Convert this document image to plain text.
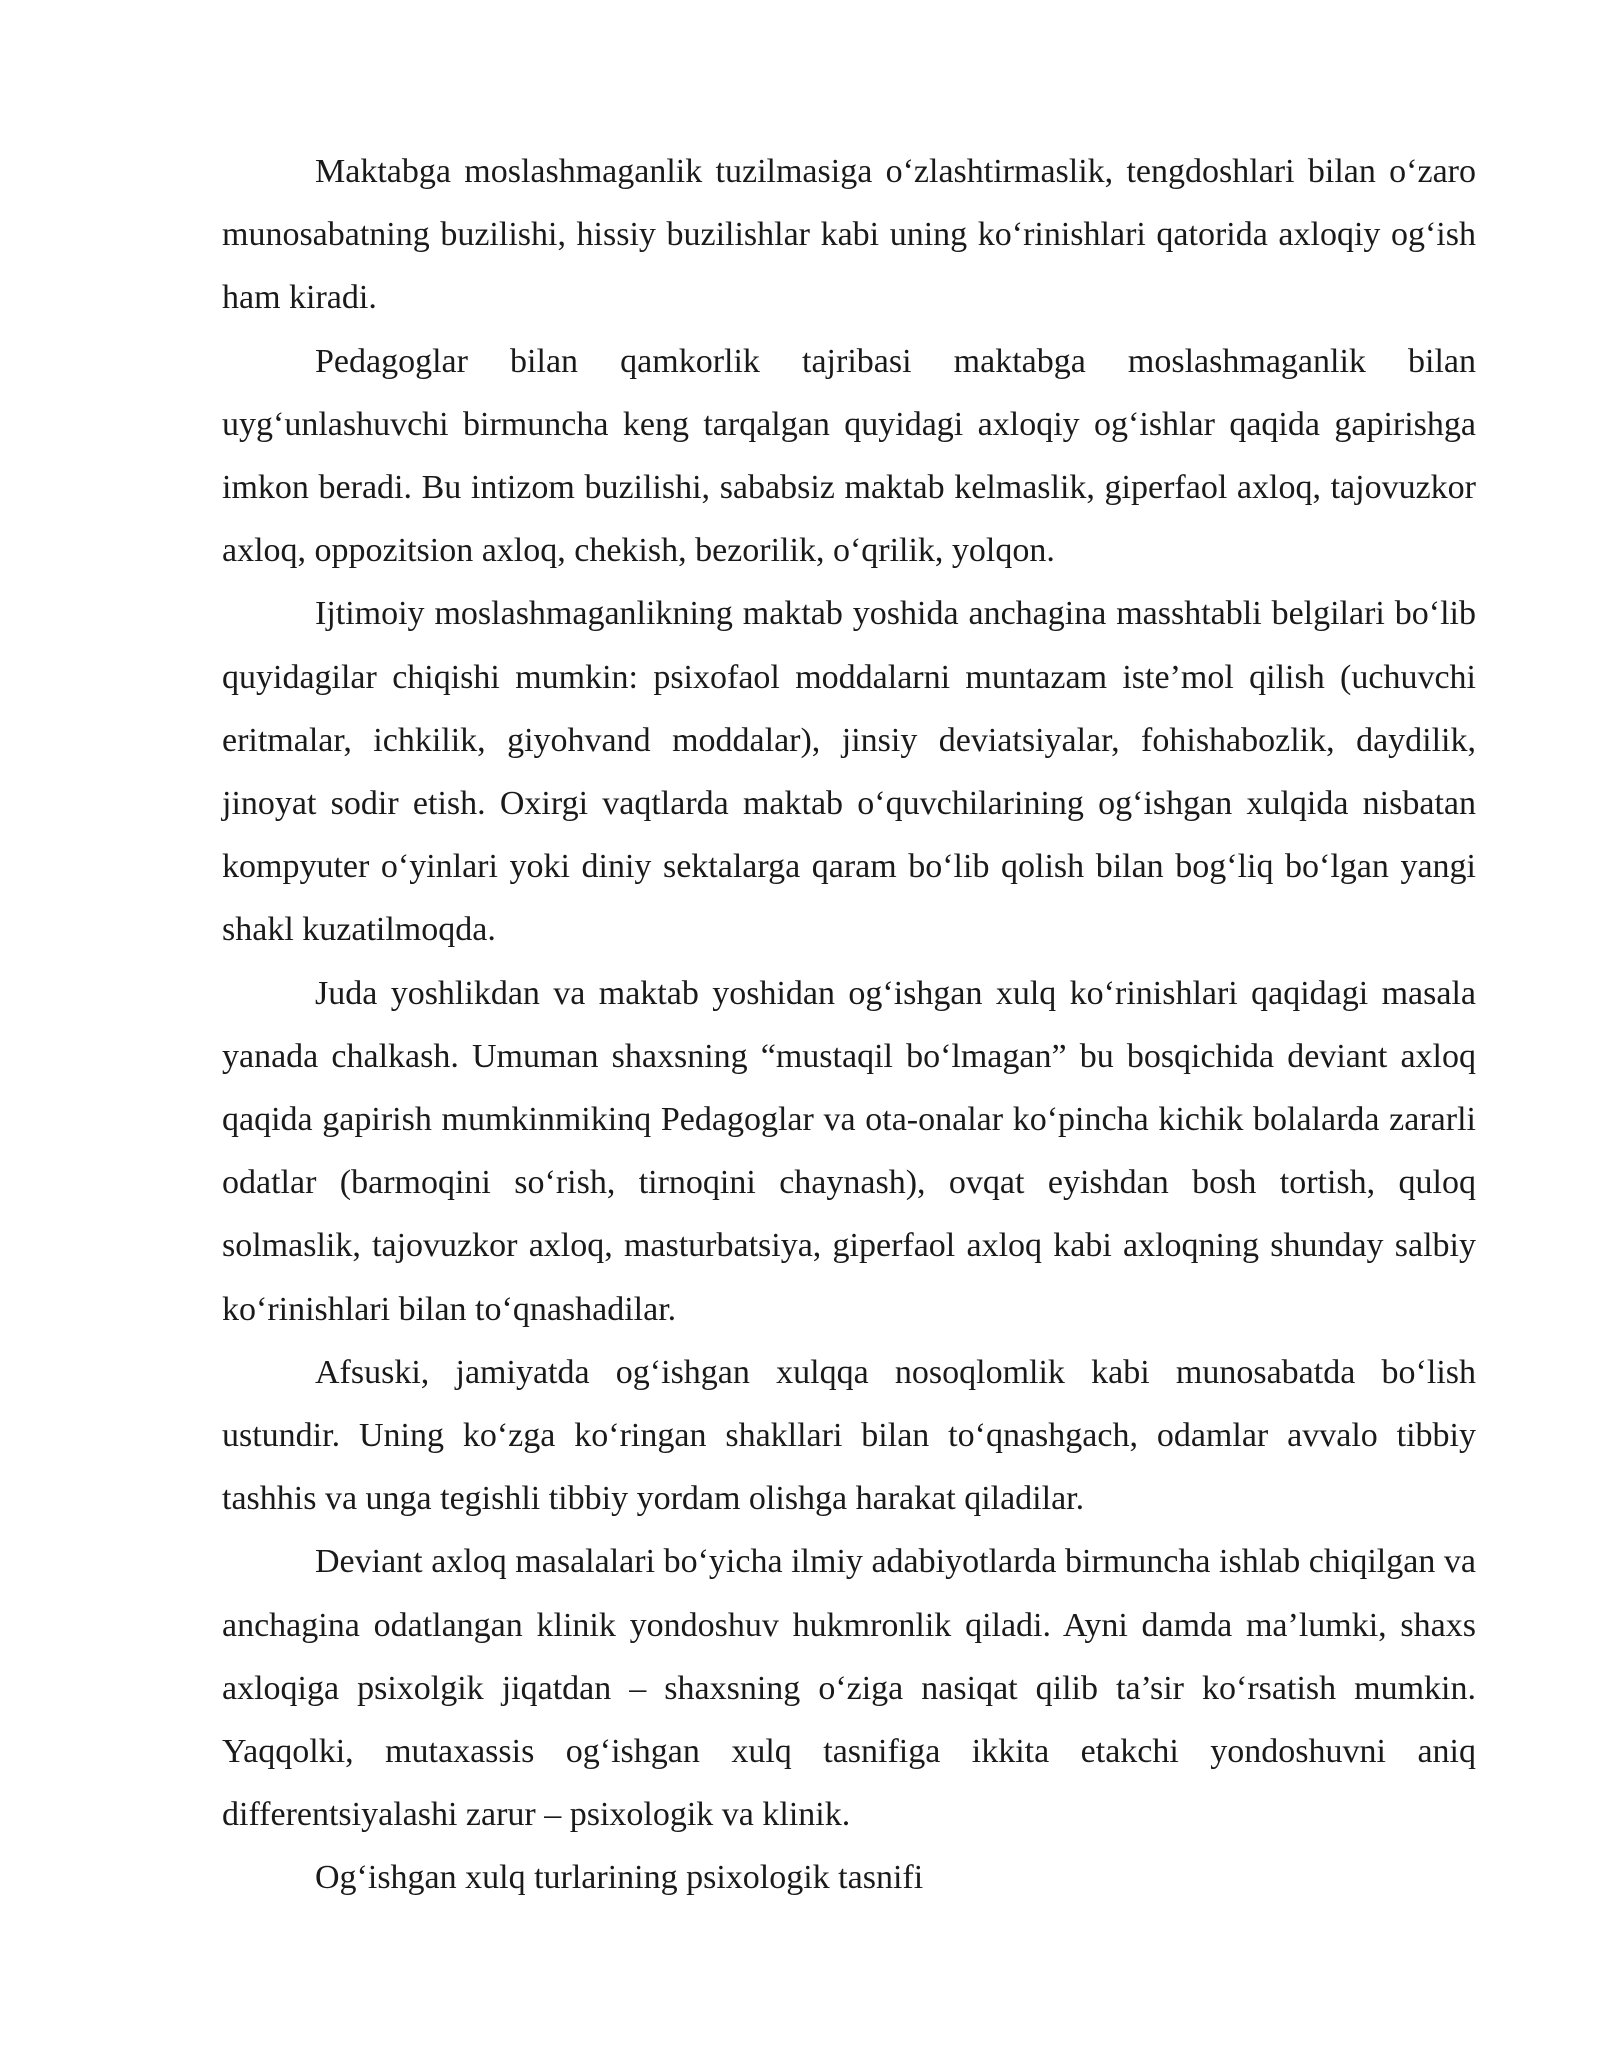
Maktabga moslashmaganlik tuzilmasiga o‘zlashtirmaslik, tengdoshlari bilan o‘zaro munosabatning buzilishi, hissiy buzilishlar kabi uning ko‘rinishlari qatorida axloqiy og‘ish ham kiradi.

Pedagoglar bilan qamkorlik tajribasi maktabga moslashmaganlik bilan uyg‘unlashuvchi birmuncha keng tarqalgan quyidagi axloqiy og‘ishlar qaqida gapirishga imkon beradi. Bu intizom buzilishi, sababsiz maktab kelmaslik, giperfaol axloq, tajovuzkor axloq, oppozitsion axloq, chekish, bezorilik, o‘qrilik, yolqon.

Ijtimoiy moslashmaganlikning maktab yoshida anchagina masshtabli belgilari bo‘lib quyidagilar chiqishi mumkin: psixofaol moddalarni muntazam iste’mol qilish (uchuvchi eritmalar, ichkilik, giyohvand moddalar), jinsiy deviatsiyalar, fohishabozlik, daydilik, jinoyat sodir etish. Oxirgi vaqtlarda maktab o‘quvchilarining og‘ishgan xulqida nisbatan kompyuter o‘yinlari yoki diniy sektalarga qaram bo‘lib qolish bilan bog‘liq bo‘lgan yangi shakl kuzatilmoqda.

Juda yoshlikdan va maktab yoshidan og‘ishgan xulq ko‘rinishlari qaqidagi masala yanada chalkash. Umuman shaxsning “mustaqil bo‘lmagan” bu bosqichida deviant axloq qaqida gapirish mumkinmikinq Pedagoglar va ota-onalar ko‘pincha kichik bolalarda zararli odatlar (barmoqini so‘rish, tirnoqini chaynash), ovqat eyishdan bosh tortish, quloq solmaslik, tajovuzkor axloq, masturbatsiya, giperfaol axloq kabi axloqning shunday salbiy ko‘rinishlari bilan to‘qnashadilar.

Afsuski, jamiyatda og‘ishgan xulqqa nosoqlomlik kabi munosabatda bo‘lish ustundir. Uning ko‘zga ko‘ringan shakllari bilan to‘qnashgach, odamlar avvalo tibbiy tashhis va unga tegishli tibbiy yordam olishga harakat qiladilar.

Deviant axloq masalalari bo‘yicha ilmiy adabiyotlarda birmuncha ishlab chiqilgan va anchagina odatlangan klinik yondoshuv hukmronlik qiladi. Ayni damda ma’lumki, shaxs axloqiga psixolgik jiqatdan – shaxsning o‘ziga nasiqat qilib ta’sir ko‘rsatish mumkin. Yaqqolki, mutaxassis og‘ishgan xulq tasnifiga ikkita etakchi yondoshuvni aniq differentsiyalashi zarur – psixologik va klinik.

Og‘ishgan xulq turlarining psixologik tasnifi
